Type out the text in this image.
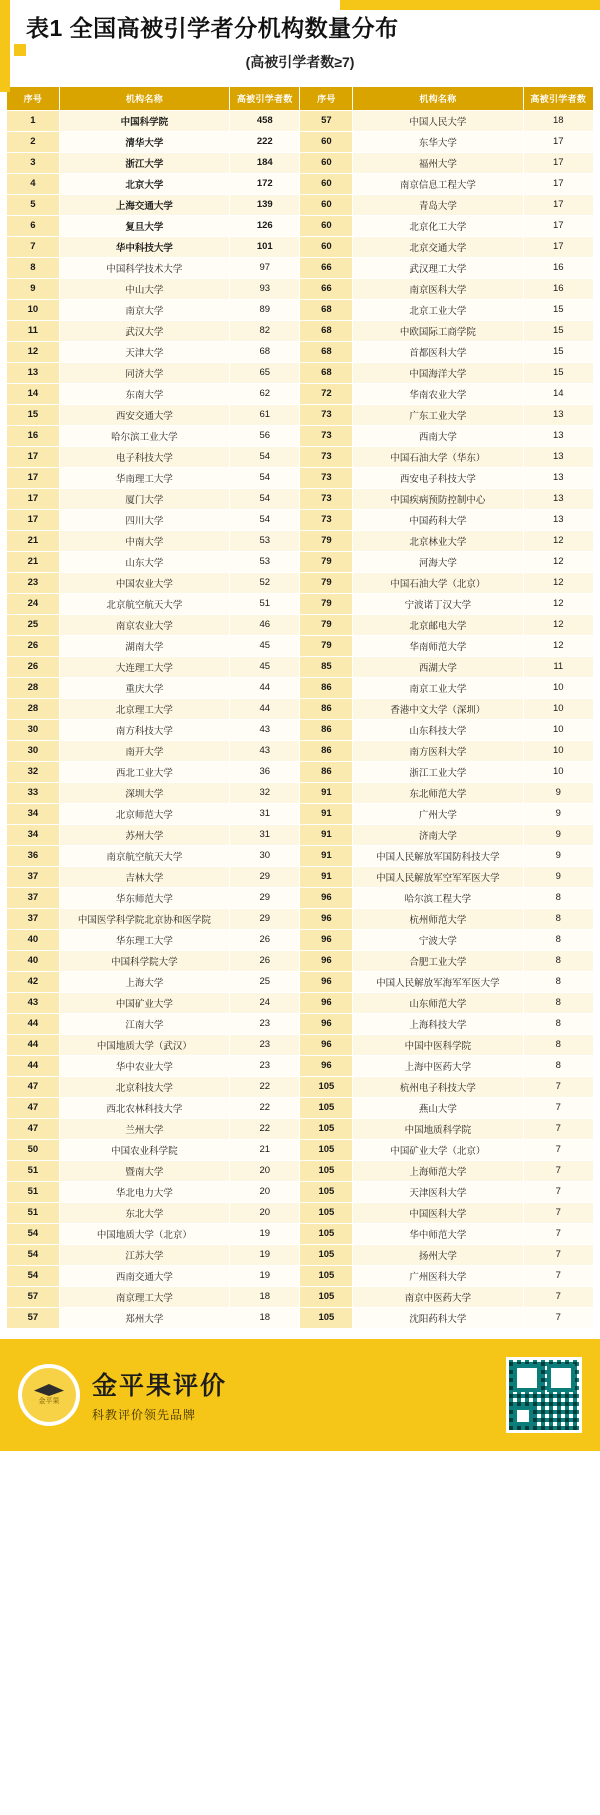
表1 全国高被引学者分机构数量分布
(高被引学者数≥7)
序号	机构名称	高被引学者数	序号	机构名称	高被引学者数
1	中国科学院	458	57	中国人民大学	18
2	清华大学	222	60	东华大学	17
3	浙江大学	184	60	福州大学	17
4	北京大学	172	60	南京信息工程大学	17
5	上海交通大学	139	60	青岛大学	17
6	复旦大学	126	60	北京化工大学	17
7	华中科技大学	101	60	北京交通大学	17
8	中国科学技术大学	97	66	武汉理工大学	16
9	中山大学	93	66	南京医科大学	16
10	南京大学	89	68	北京工业大学	15
11	武汉大学	82	68	中欧国际工商学院	15
12	天津大学	68	68	首都医科大学	15
13	同济大学	65	68	中国海洋大学	15
14	东南大学	62	72	华南农业大学	14
15	西安交通大学	61	73	广东工业大学	13
16	哈尔滨工业大学	56	73	西南大学	13
17	电子科技大学	54	73	中国石油大学（华东）	13
17	华南理工大学	54	73	西安电子科技大学	13
17	厦门大学	54	73	中国疾病预防控制中心	13
17	四川大学	54	73	中国药科大学	13
21	中南大学	53	79	北京林业大学	12
21	山东大学	53	79	河海大学	12
23	中国农业大学	52	79	中国石油大学（北京）	12
24	北京航空航天大学	51	79	宁波诺丁汉大学	12
25	南京农业大学	46	79	北京邮电大学	12
26	湖南大学	45	79	华南师范大学	12
26	大连理工大学	45	85	西湖大学	11
28	重庆大学	44	86	南京工业大学	10
28	北京理工大学	44	86	香港中文大学（深圳）	10
30	南方科技大学	43	86	山东科技大学	10
30	南开大学	43	86	南方医科大学	10
32	西北工业大学	36	86	浙江工业大学	10
33	深圳大学	32	91	东北师范大学	9
34	北京师范大学	31	91	广州大学	9
34	苏州大学	31	91	济南大学	9
36	南京航空航天大学	30	91	中国人民解放军国防科技大学	9
37	吉林大学	29	91	中国人民解放军空军军医大学	9
37	华东师范大学	29	96	哈尔滨工程大学	8
37	中国医学科学院北京协和医学院	29	96	杭州师范大学	8
40	华东理工大学	26	96	宁波大学	8
40	中国科学院大学	26	96	合肥工业大学	8
42	上海大学	25	96	中国人民解放军海军军医大学	8
43	中国矿业大学	24	96	山东师范大学	8
44	江南大学	23	96	上海科技大学	8
44	中国地质大学（武汉）	23	96	中国中医科学院	8
44	华中农业大学	23	96	上海中医药大学	8
47	北京科技大学	22	105	杭州电子科技大学	7
47	西北农林科技大学	22	105	燕山大学	7
47	兰州大学	22	105	中国地质科学院	7
50	中国农业科学院	21	105	中国矿业大学（北京）	7
51	暨南大学	20	105	上海师范大学	7
51	华北电力大学	20	105	天津医科大学	7
51	东北大学	20	105	中国医科大学	7
54	中国地质大学（北京）	19	105	华中师范大学	7
54	江苏大学	19	105	扬州大学	7
54	西南交通大学	19	105	广州医科大学	7
57	南京理工大学	18	105	南京中医药大学	7
57	郑州大学	18	105	沈阳药科大学	7
金平果
金平果评价
科教评价领先品牌
